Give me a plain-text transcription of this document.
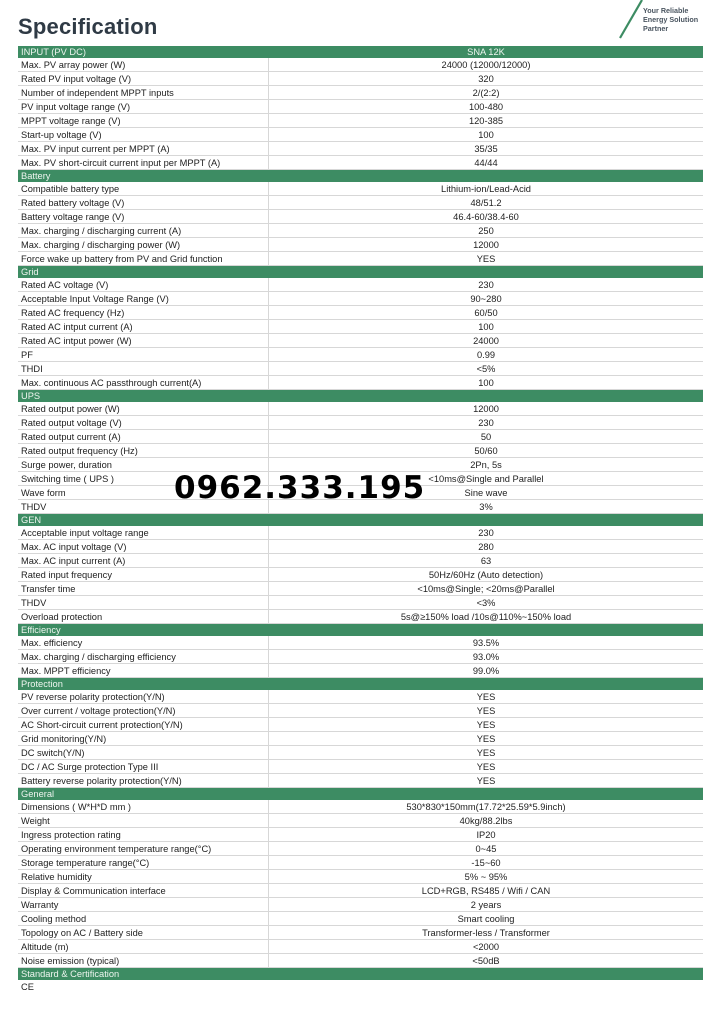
Specification
Your Reliable
Energy Solution
Partner
INPUT (PV DC)	SNA 12K
Max. PV array power (W)	24000 (12000/12000)
Rated PV input voltage (V)	320
Number of independent MPPT inputs	2/(2:2)
PV input voltage range (V)	100-480
MPPT voltage range (V)	120-385
Start-up voltage (V)	100
Max. PV input current per MPPT (A)	35/35
Max. PV short-circuit current input per MPPT (A)	44/44
Battery
Compatible battery type	Lithium-ion/Lead-Acid
Rated battery voltage (V)	48/51.2
Battery voltage range (V)	46.4-60/38.4-60
Max. charging / discharging current (A)	250
Max. charging / discharging power (W)	12000
Force wake up battery from PV and Grid function	YES
Grid
Rated AC voltage (V)	230
Acceptable Input Voltage Range (V)	90~280
Rated AC frequency (Hz)	60/50
Rated AC intput current (A)	100
Rated AC intput power (W)	24000
PF	0.99
THDI	<5%
Max. continuous AC passthrough current(A)	100
UPS
Rated output power (W)	12000
Rated output voltage (V)	230
Rated output current (A)	50
Rated output frequency (Hz)	50/60
Surge power, duration	2Pn, 5s
Switching time ( UPS )	<10ms@Single and Parallel
Wave form	Sine wave
THDV	3%
GEN
Acceptable input voltage range	230
Max. AC input voltage (V)	280
Max. AC input current (A)	63
Rated input frequency	50Hz/60Hz (Auto detection)
Transfer time	<10ms@Single; <20ms@Parallel
THDV	<3%
Overload protection	5s@≥150% load /10s@110%~150% load
Efficiency
Max. efficiency	93.5%
Max. charging / discharging efficiency	93.0%
Max. MPPT efficiency	99.0%
Protection
PV reverse polarity protection(Y/N)	YES
Over current / voltage protection(Y/N)	YES
AC Short-circuit current protection(Y/N)	YES
Grid monitoring(Y/N)	YES
DC switch(Y/N)	YES
DC / AC Surge protection Type III	YES
Battery reverse polarity protection(Y/N)	YES
General
Dimensions ( W*H*D mm )	530*830*150mm(17.72*25.59*5.9inch)
Weight	40kg/88.2lbs
Ingress protection rating	IP20
Operating environment temperature range(°C)	0~45
Storage temperature range(°C)	-15~60
Relative humidity	5% ~ 95%
Display & Communication interface	LCD+RGB, RS485 / Wifi / CAN
Warranty	2 years
Cooling method	Smart cooling
Topology on AC / Battery side	Transformer-less / Transformer
Altitude (m)	<2000
Noise emission (typical)	<50dB
Standard & Certification
CE
0962.333.195
